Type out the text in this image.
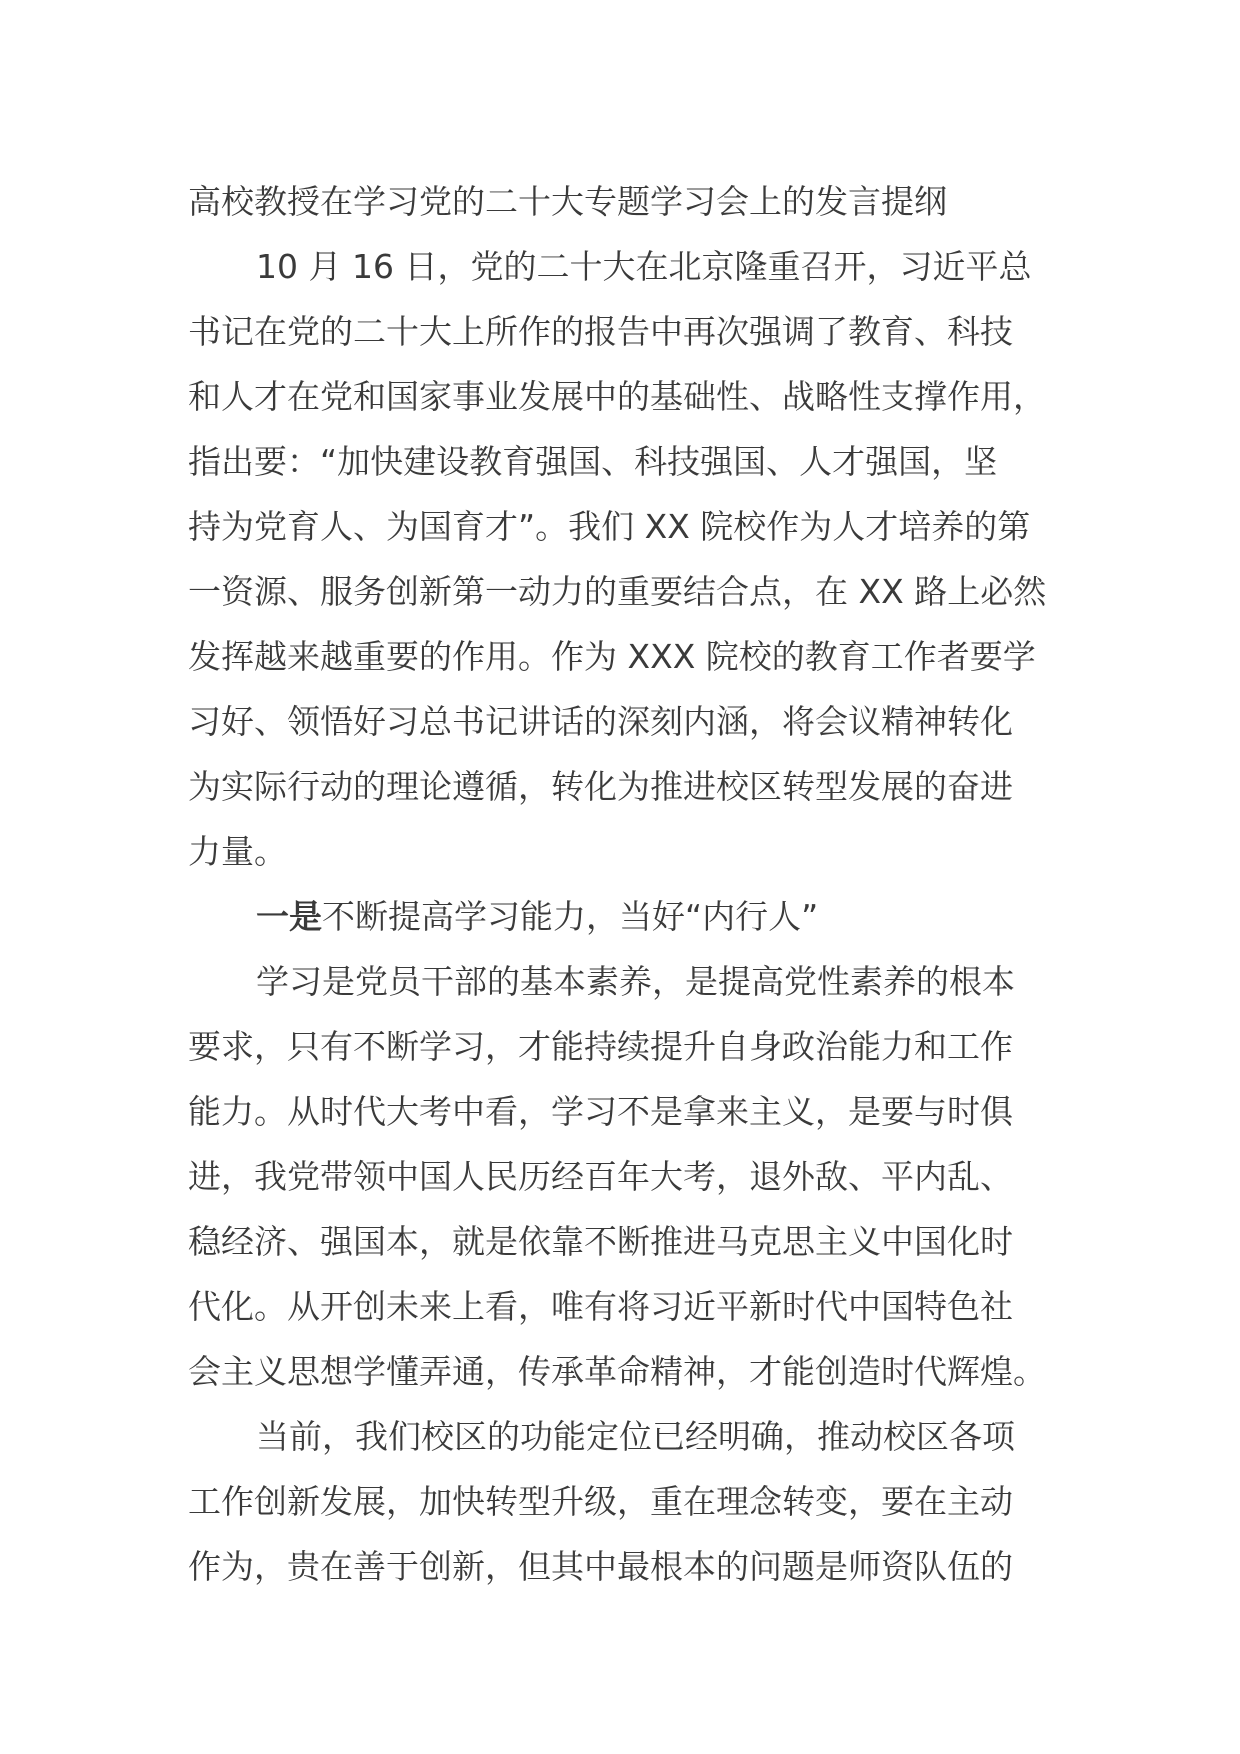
高校教授在学习党的二十大专题学习会上的发言提纲

10 月 16 日，党的二十大在北京隆重召开，习近平总

书记在党的二十大上所作的报告中再次强调了教育、科技

和人才在党和国家事业发展中的基础性、战略性支撑作用，

指出要：“加快建设教育强国、科技强国、人才强国，坚

持为党育人、为国育才”。我们 XX 院校作为人才培养的第

一资源、服务创新第一动力的重要结合点，在 XX 路上必然

发挥越来越重要的作用。作为 XXX 院校的教育工作者要学

习好、领悟好习总书记讲话的深刻内涵，将会议精神转化

为实际行动的理论遵循，转化为推进校区转型发展的奋进

力量。

一是不断提高学习能力，当好“内行人”

学习是党员干部的基本素养，是提高党性素养的根本

要求，只有不断学习，才能持续提升自身政治能力和工作

能力。从时代大考中看，学习不是拿来主义，是要与时俱

进，我党带领中国人民历经百年大考，退外敌、平内乱、

稳经济、强国本，就是依靠不断推进马克思主义中国化时

代化。从开创未来上看，唯有将习近平新时代中国特色社

会主义思想学懂弄通，传承革命精神，才能创造时代辉煌。

当前，我们校区的功能定位已经明确，推动校区各项

工作创新发展，加快转型升级，重在理念转变，要在主动

作为，贵在善于创新，但其中最根本的问题是师资队伍的
